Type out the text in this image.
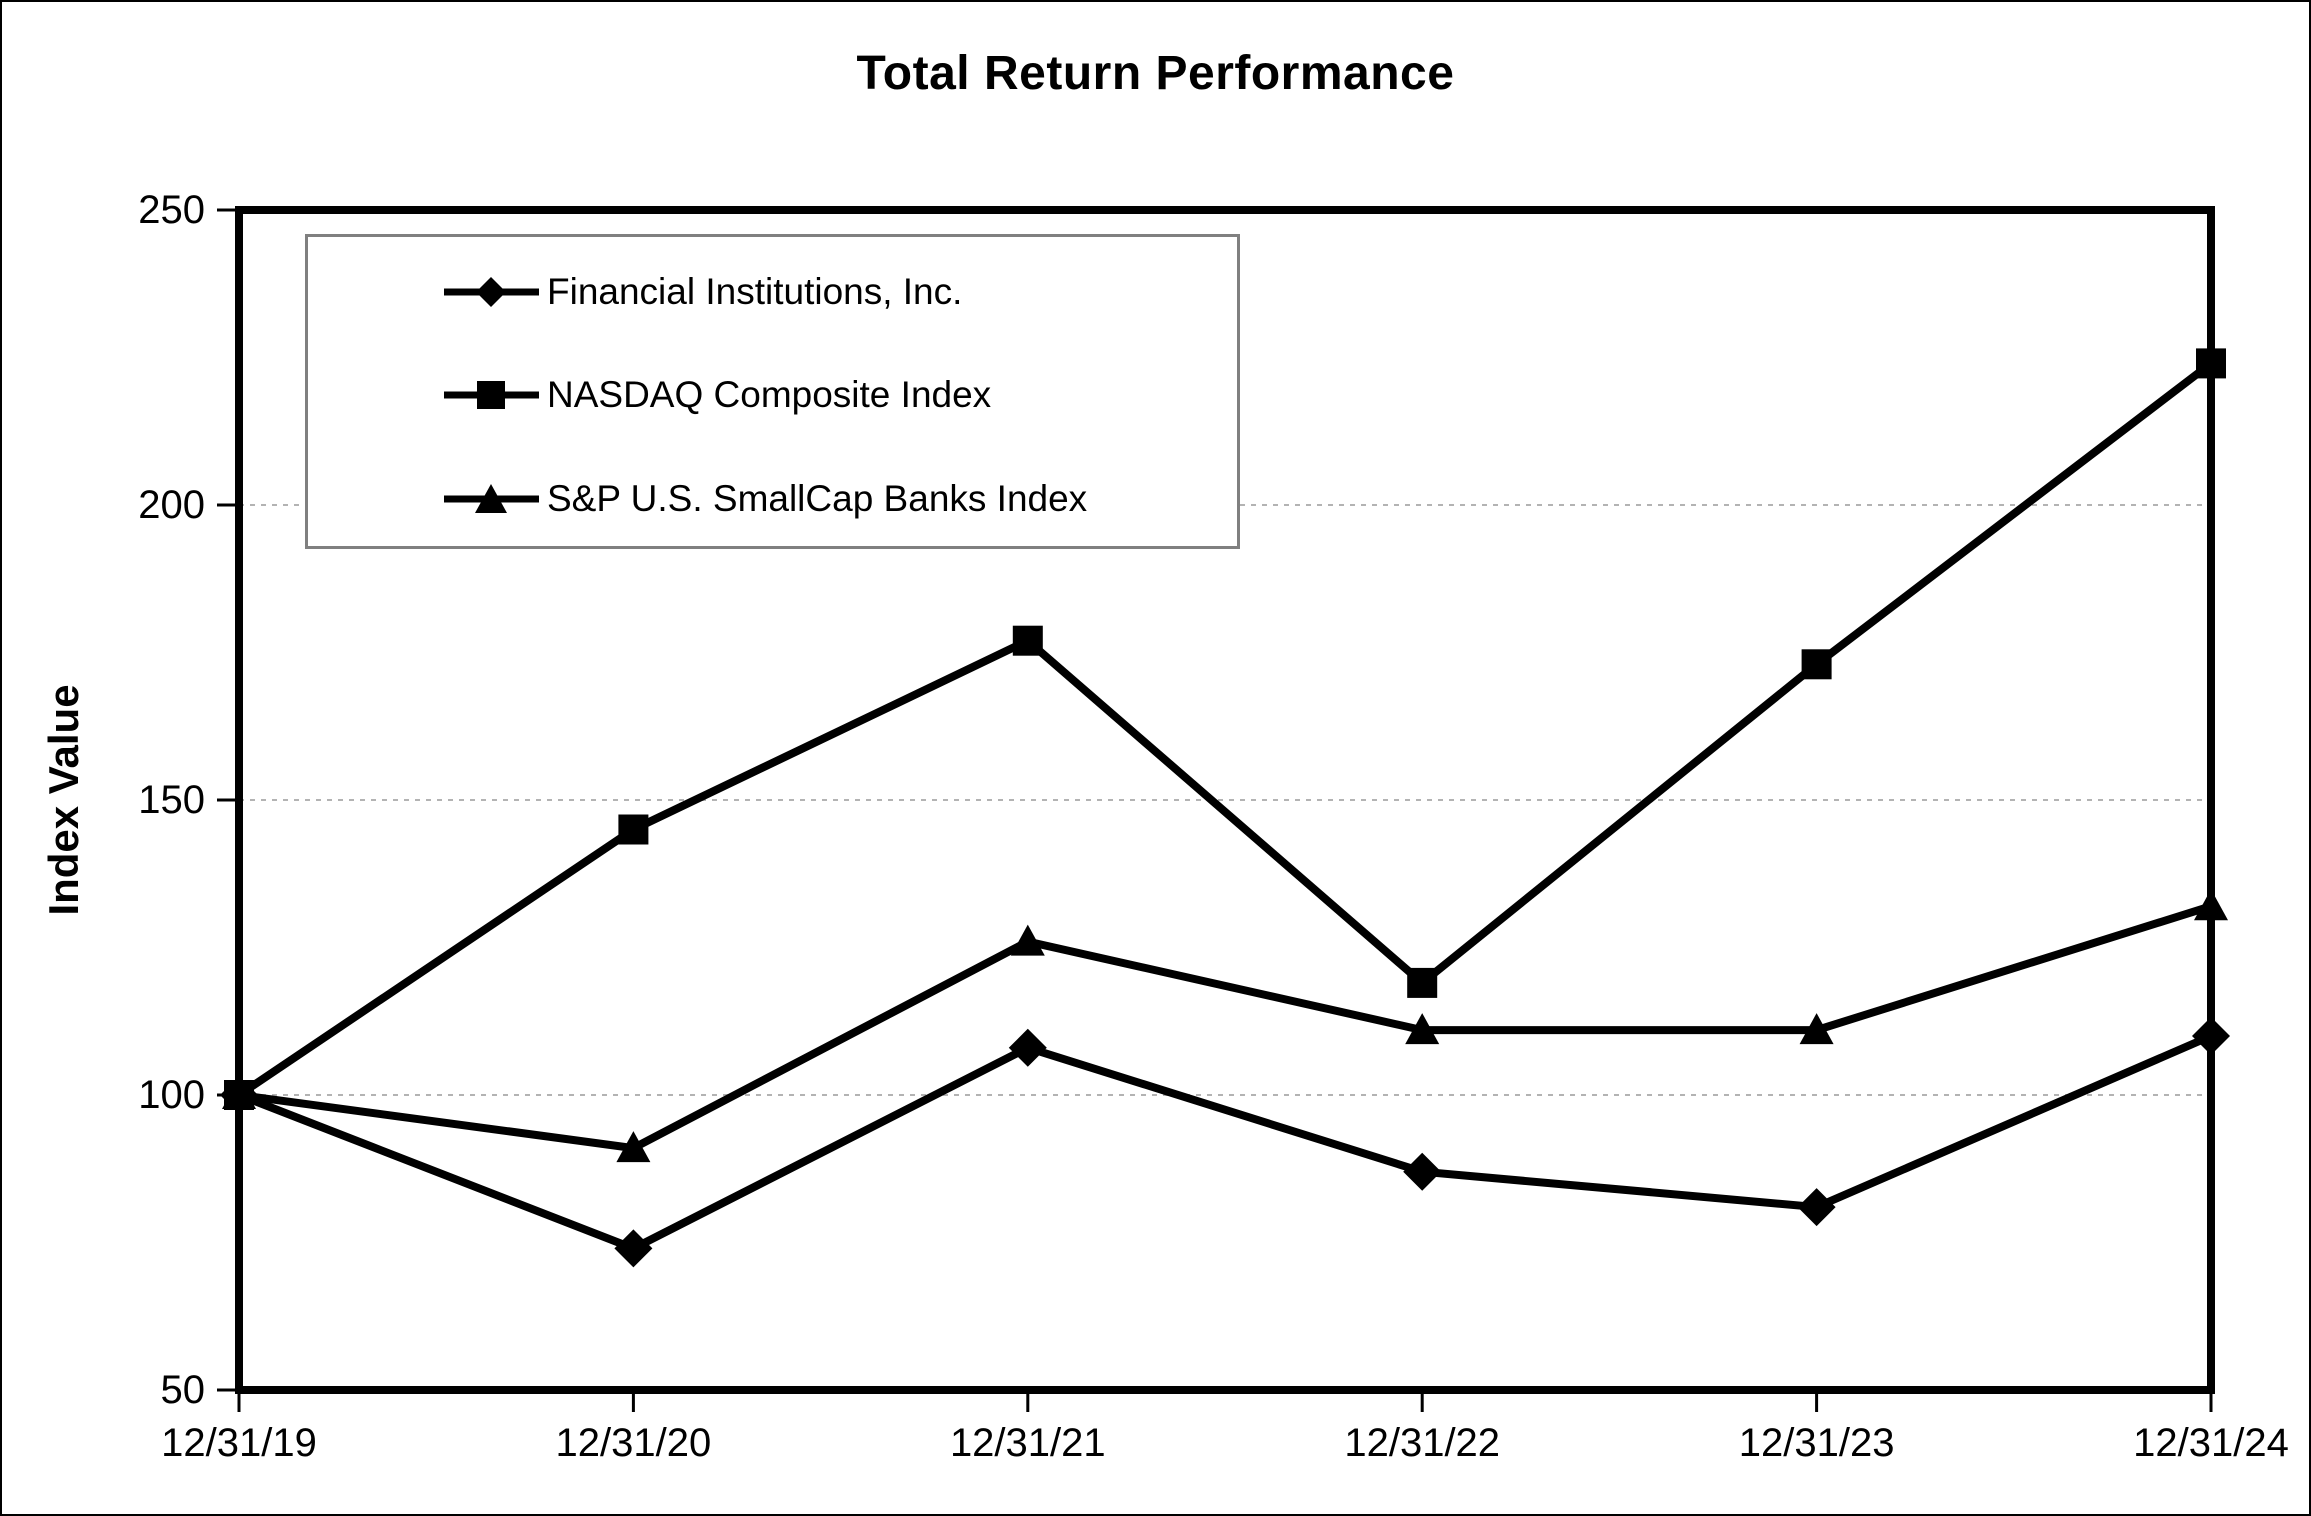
Total Return Performance
Index Value
250
200
150
100
50
12/31/19	12/31/20	12/31/21	12/31/22	12/31/23	12/31/24
Financial Institutions, Inc.
NASDAQ Composite Index
S&P U.S. SmallCap Banks Index
